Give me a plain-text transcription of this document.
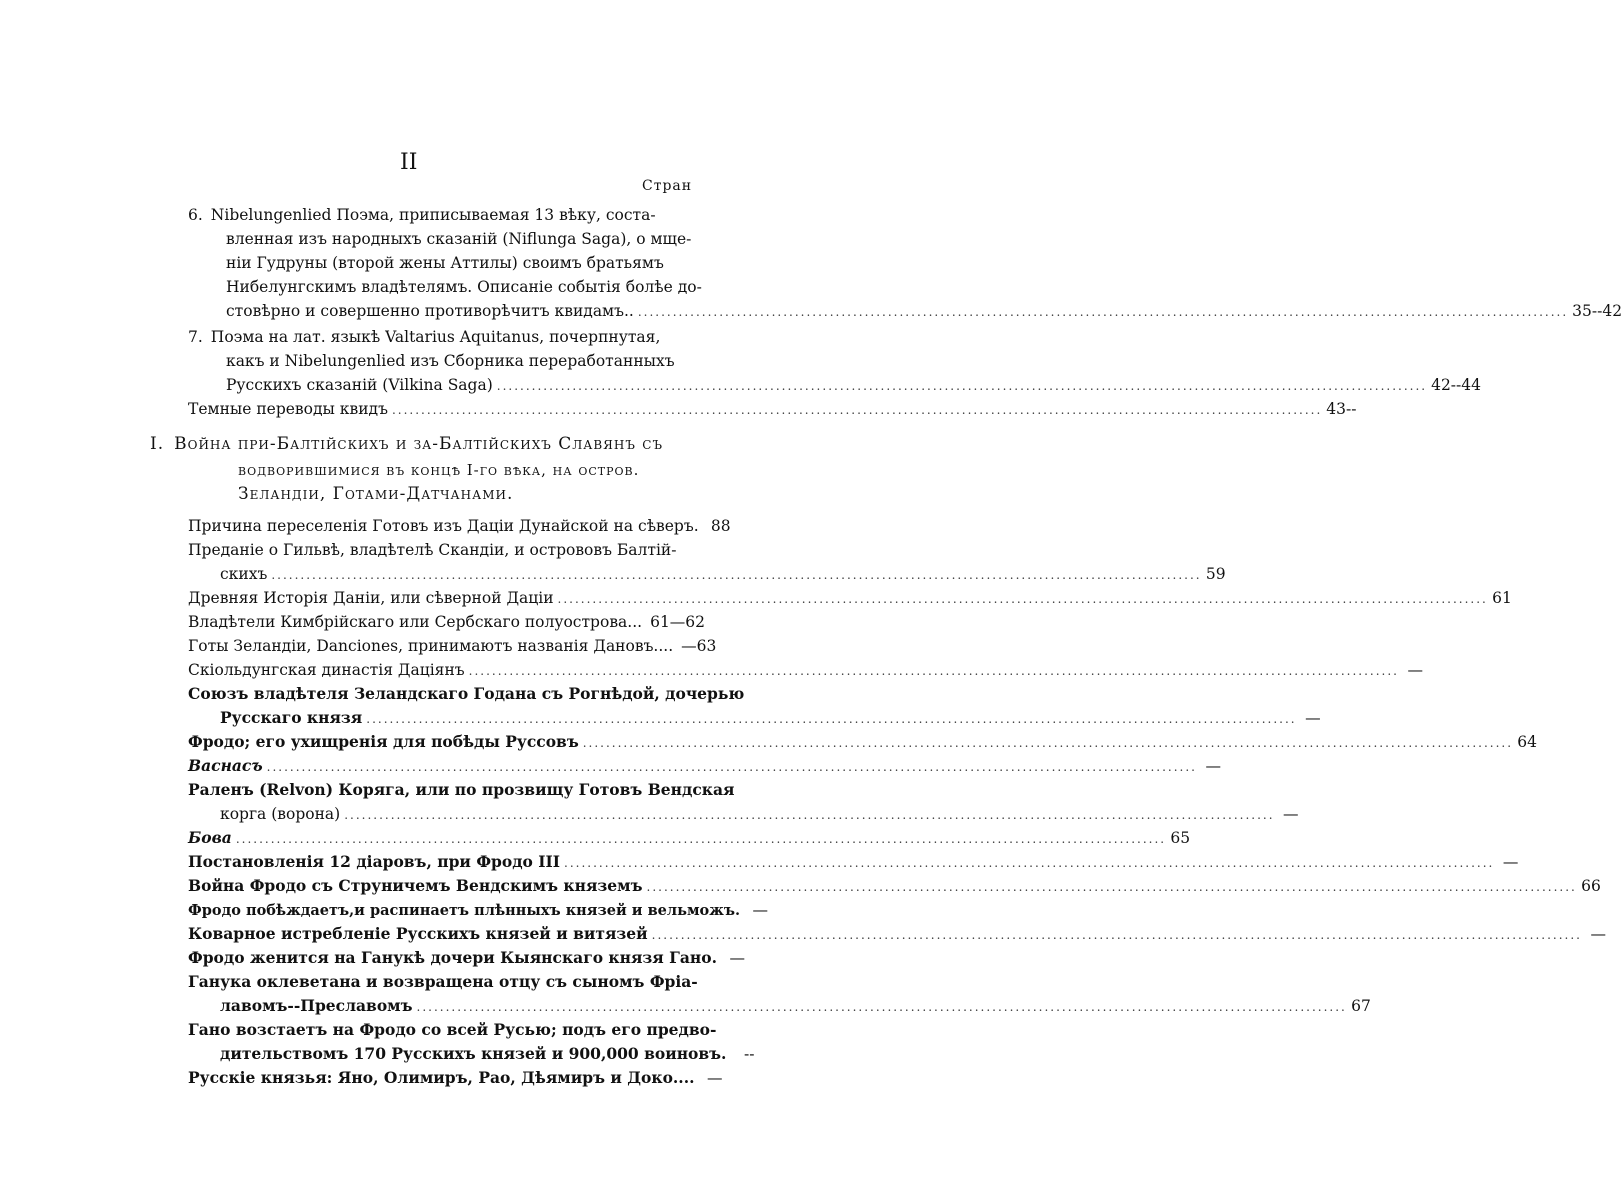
II
Стран
6. Nibelungenlied Поэма, приписываемая 13 вѣку, соста-
вленная изъ народныхъ сказаній (Niflunga Saga), о мще-
ніи Гудруны (второй жены Аттилы) своимъ братьямъ
Нибелунгскимъ владѣтелямъ. Описаніе событія болѣе до-
стовѣрно и совершенно противорѣчитъ квидамъ.. .....	35--42
7. Поэма на лат. языкѣ Valtarius Aquitanus, почерпнутая,
какъ и Nibelungenlied изъ Сборника переработанныхъ
Русскихъ сказаній (Vilkina Saga) .....	42--44
Темные переводы квидъ .....	43--
I. Война при-Балтійскихъ и за-Балтійскихъ Славянъ съ
водворившимися въ концѣ I-го вѣка, на остров.
Зеландіи, Готами-Датчанами.
Причина переселенія Готовъ изъ Даціи Дунайской на сѣверъ. 88
Преданіе о Гильвѣ, владѣтелѣ Скандіи, и острововъ Балтій-
скихъ .....	59
Древняя Исторія Даніи, или сѣверной Даціи .....	61
Владѣтели Кимбрійскаго или Сербскаго полуострова... 61—62
Готы Зеландіи, Danciones, принимаютъ названія Дановъ.... —63
Скіольдунгская династія Даціянъ .....	—
Союзъ владѣтеля Зеландскаго Годана съ Рогнѣдой, дочерью
Русскаго князя .....	—
Фродо; его ухищренія для побѣды Руссовъ .....	64
Васнасъ .....	—
Раленъ (Relvon) Коряга, или по прозвищу Готовъ Вендская
корга (ворона) .....	—
Бова .....	65
Постановленія 12 діаровъ, при Фродо III .....	—
Война Фродо съ Струничемъ Вендскимъ княземъ .....	66
Фродо побѣждаетъ,и распинаетъ плѣнныхъ князей и вельможъ. —
Коварное истребленіе Русскихъ князей и витязей .....	—
Фродо женится на Ганукѣ дочери Кыянскаго князя Гано. —
Ганука оклеветана и возвращена отцу съ сыномъ Фріа-
лавомъ--Преславомъ .....	67
Гано возстаетъ на Фродо со всей Русью; подъ его предво-
дительствомъ 170 Русскихъ князей и 900,000 воиновъ.	--
Русскіе князья: Яно, Олимиръ, Рао, Дѣямиръ и Доко.... —
